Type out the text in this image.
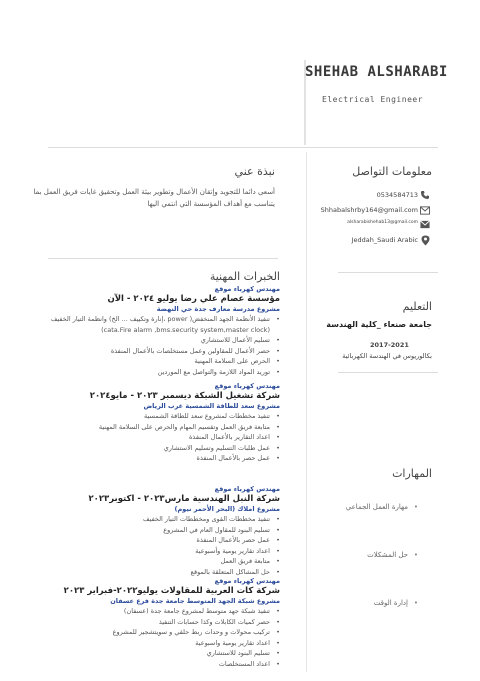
SHEHAB ALSHARABI
Electrical Engineer
معلومات التواصل
0534584713
Shhabalshrby164@gmail.com
alsharabishehab13@gmail.com
Jeddah_Saudi Arabic
نبذة عني
أسعى دائما للتجويد وإتقان الأعمال وتطوير بيئة العمل وتحقيق غايات فريق العمل بما يتناسب مع أهداف المؤسسة التي انتمي اليها
التعليم
جامعة صنعاء _كلية الهندسة
2017-2021
بكالوريوس في الهندسة الكهربائية
المهارات
• مهارة العمل الجماعي
• حل المشكلات
• إدارة الوقت
الخبرات المهنية
مهندس كهرباء موقع
مؤسسة عصام علي رضا يوليو ٢٠٢٤ - الآن
مشروع مدرسة معارف جدة حي النهضة
• تنفيذ الأنظمة الجهد المنخفض( power ،إنارة وتكييف ... الخ) وانظمة التيار الخفيف (cata.Fire alarm ,bms.security system,master clock)
• تسليم الأعمال للاستشاري
• حصر الأعمال للمقاولين وعمل مستخلصات بالأعمال المنفذة
• الحرص على السلامة المهنية
• توريد المواد اللازمة والتواصل مع الموردين
مهندس كهرباء موقع
شركة تشغيل الشبكة ديسمبر ٢٠٢٣ - مايو٢٠٢٤
مشروع سعد للطاقة الشمسية غرب الرياض
• تنفيذ مخططات لمشروع سعد للطاقة الشمسية
• متابعة فريق العمل وتقسيم المهام والحرص على السلامة المهنية
• اعداد التقارير بالأعمال المنفذة
• عمل طلبات التسليم وتسليم الاستشاري
• عمل حصر بالأعمال المنفذة
مهندس كهرباء موقع
شركة النبل الهندسية مارس٢٠٢٣ - اكتوبر٢٠٢٣
مشروع املاك (البحر الأحمر نيوم)
• تنفيذ مخططات القوى ومخططات التيار الخفيف
• تسليم البنود للمقاول العام في المشروع
• عمل حصر بالأعمال المنفذة
• اعداد تقارير يومية وأسبوعية
• متابعة فريق العمل
• حل المشاكل المتعلقة بالموقع
مهندس كهرباء موقع
شركة كات العربية للمقاولات يوليو٢٠٢٢-فبراير ٢٠٢٣
مشروع شبكة الجهد المتوسط جامعة جدة فرع عسفان
• تنفيذ شبكة جهد متوسط لمشروع جامعة جدة (عسفان)
• حصر كميات الكابلات وكذا حسابات التنفيذ
• تركيب محولات و وحدات ربط حلقي و سويتشجير للمشروع
• اعداد تقارير يومية واسبوعية
• تسليم البنود للاستشاري
• اعداد المستخلصات
